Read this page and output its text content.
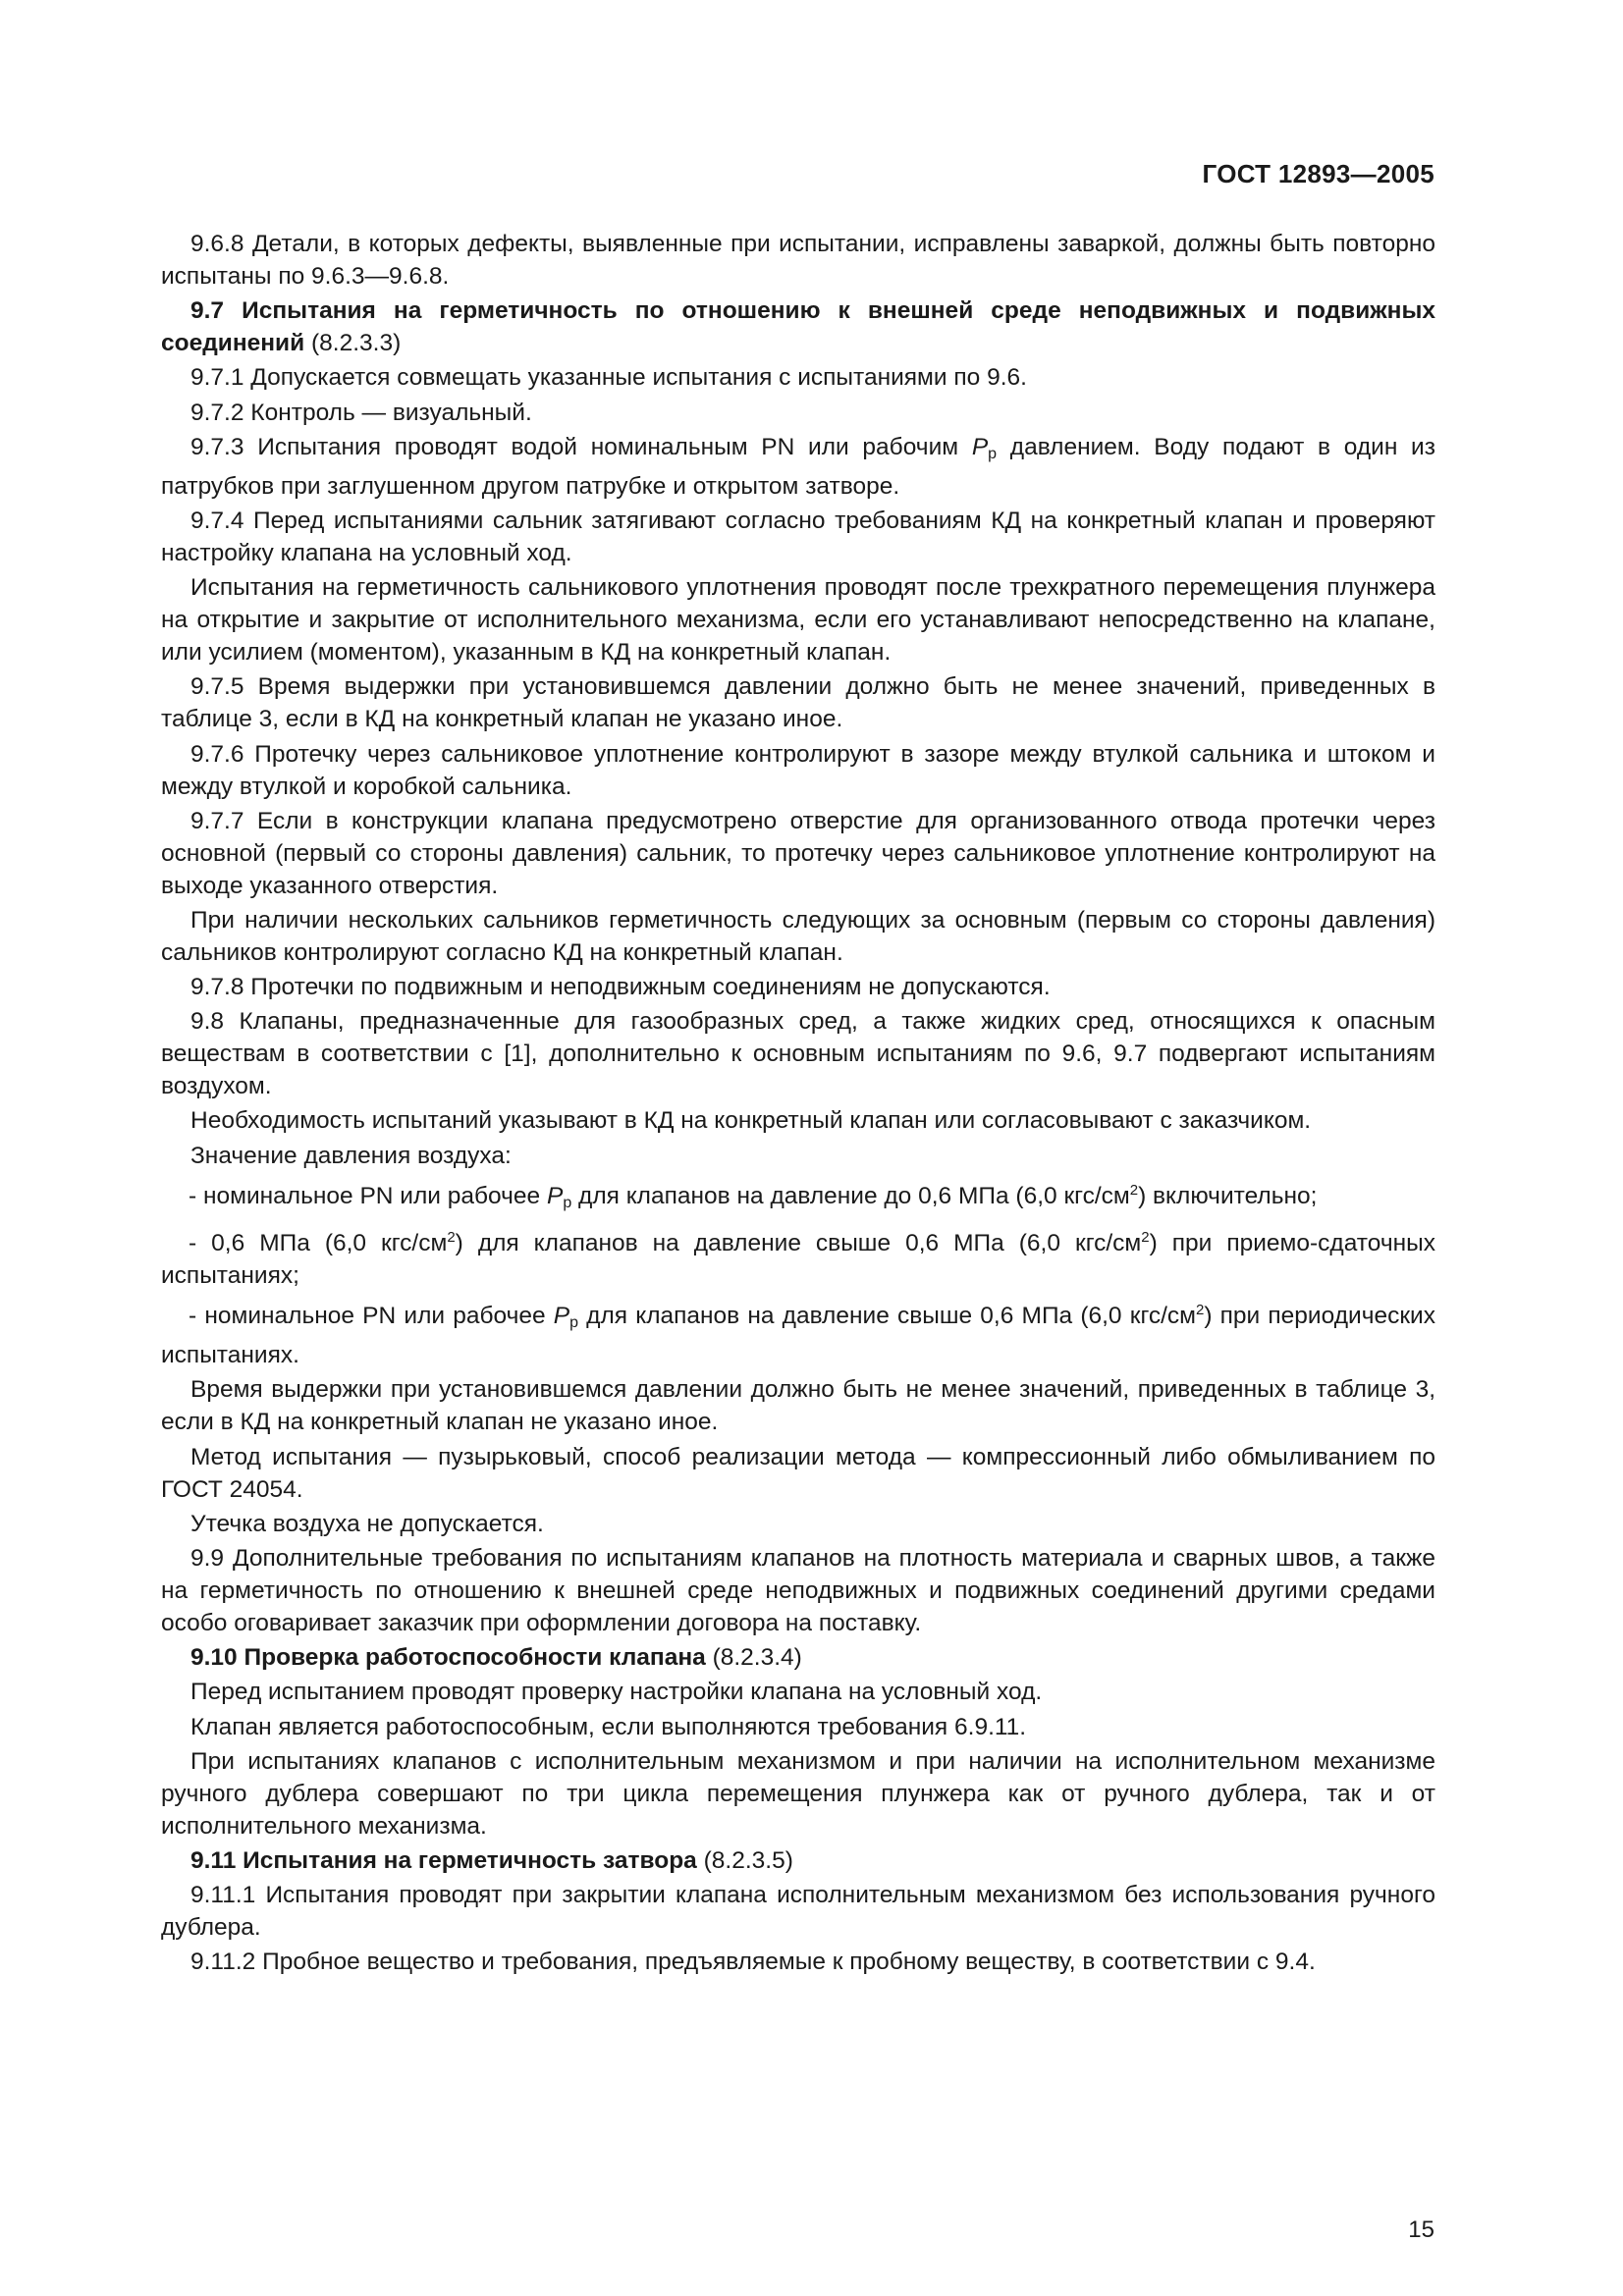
ГОСТ 12893—2005

9.6.8 Детали, в которых дефекты, выявленные при испытании, исправлены заваркой, должны быть повторно испытаны по 9.6.3—9.6.8.

9.7 Испытания на герметичность по отношению к внешней среде неподвижных и подвижных соединений (8.2.3.3)

9.7.1 Допускается совмещать указанные испытания с испытаниями по 9.6.

9.7.2 Контроль — визуальный.

9.7.3 Испытания проводят водой номинальным PN или рабочим $P_р$ давлением. Воду подают в один из патрубков при заглушенном другом патрубке и открытом затворе.

9.7.4 Перед испытаниями сальник затягивают согласно требованиям КД на конкретный клапан и проверяют настройку клапана на условный ход.

Испытания на герметичность сальникового уплотнения проводят после трехкратного перемещения плунжера на открытие и закрытие от исполнительного механизма, если его устанавливают непосредственно на клапане, или усилием (моментом), указанным в КД на конкретный клапан.

9.7.5 Время выдержки при установившемся давлении должно быть не менее значений, приведенных в таблице 3, если в КД на конкретный клапан не указано иное.

9.7.6 Протечку через сальниковое уплотнение контролируют в зазоре между втулкой сальника и штоком и между втулкой и коробкой сальника.

9.7.7 Если в конструкции клапана предусмотрено отверстие для организованного отвода протечки через основной (первый со стороны давления) сальник, то протечку через сальниковое уплотнение контролируют на выходе указанного отверстия.

При наличии нескольких сальников герметичность следующих за основным (первым со стороны давления) сальников контролируют согласно КД на конкретный клапан.

9.7.8 Протечки по подвижным и неподвижным соединениям не допускаются.

9.8 Клапаны, предназначенные для газообразных сред, а также жидких сред, относящихся к опасным веществам в соответствии с [1], дополнительно к основным испытаниям по 9.6, 9.7 подвергают испытаниям воздухом.

Необходимость испытаний указывают в КД на конкретный клапан или согласовывают с заказчиком.

Значение давления воздуха:

- номинальное PN или рабочее $P_р$ для клапанов на давление до 0,6 МПа (6,0 кгс/$см^2$) включительно;

- 0,6 МПа (6,0 кгс/$см^2$) для клапанов на давление свыше 0,6 МПа (6,0 кгс/$см^2$) при приемо-сдаточных испытаниях;

- номинальное PN или рабочее $P_р$ для клапанов на давление свыше 0,6 МПа (6,0 кгс/$см^2$) при периодических испытаниях.

Время выдержки при установившемся давлении должно быть не менее значений, приведенных в таблице 3, если в КД на конкретный клапан не указано иное.

Метод испытания — пузырьковый, способ реализации метода — компрессионный либо обмыливанием по ГОСТ 24054.

Утечка воздуха не допускается.

9.9 Дополнительные требования по испытаниям клапанов на плотность материала и сварных швов, а также на герметичность по отношению к внешней среде неподвижных и подвижных соединений другими средами особо оговаривает заказчик при оформлении договора на поставку.

9.10 Проверка работоспособности клапана (8.2.3.4)

Перед испытанием проводят проверку настройки клапана на условный ход.

Клапан является работоспособным, если выполняются требования 6.9.11.

При испытаниях клапанов с исполнительным механизмом и при наличии на исполнительном механизме ручного дублера совершают по три цикла перемещения плунжера как от ручного дублера, так и от исполнительного механизма.

9.11 Испытания на герметичность затвора (8.2.3.5)

9.11.1 Испытания проводят при закрытии клапана исполнительным механизмом без использования ручного дублера.

9.11.2 Пробное вещество и требования, предъявляемые к пробному веществу, в соответствии с 9.4.

15
